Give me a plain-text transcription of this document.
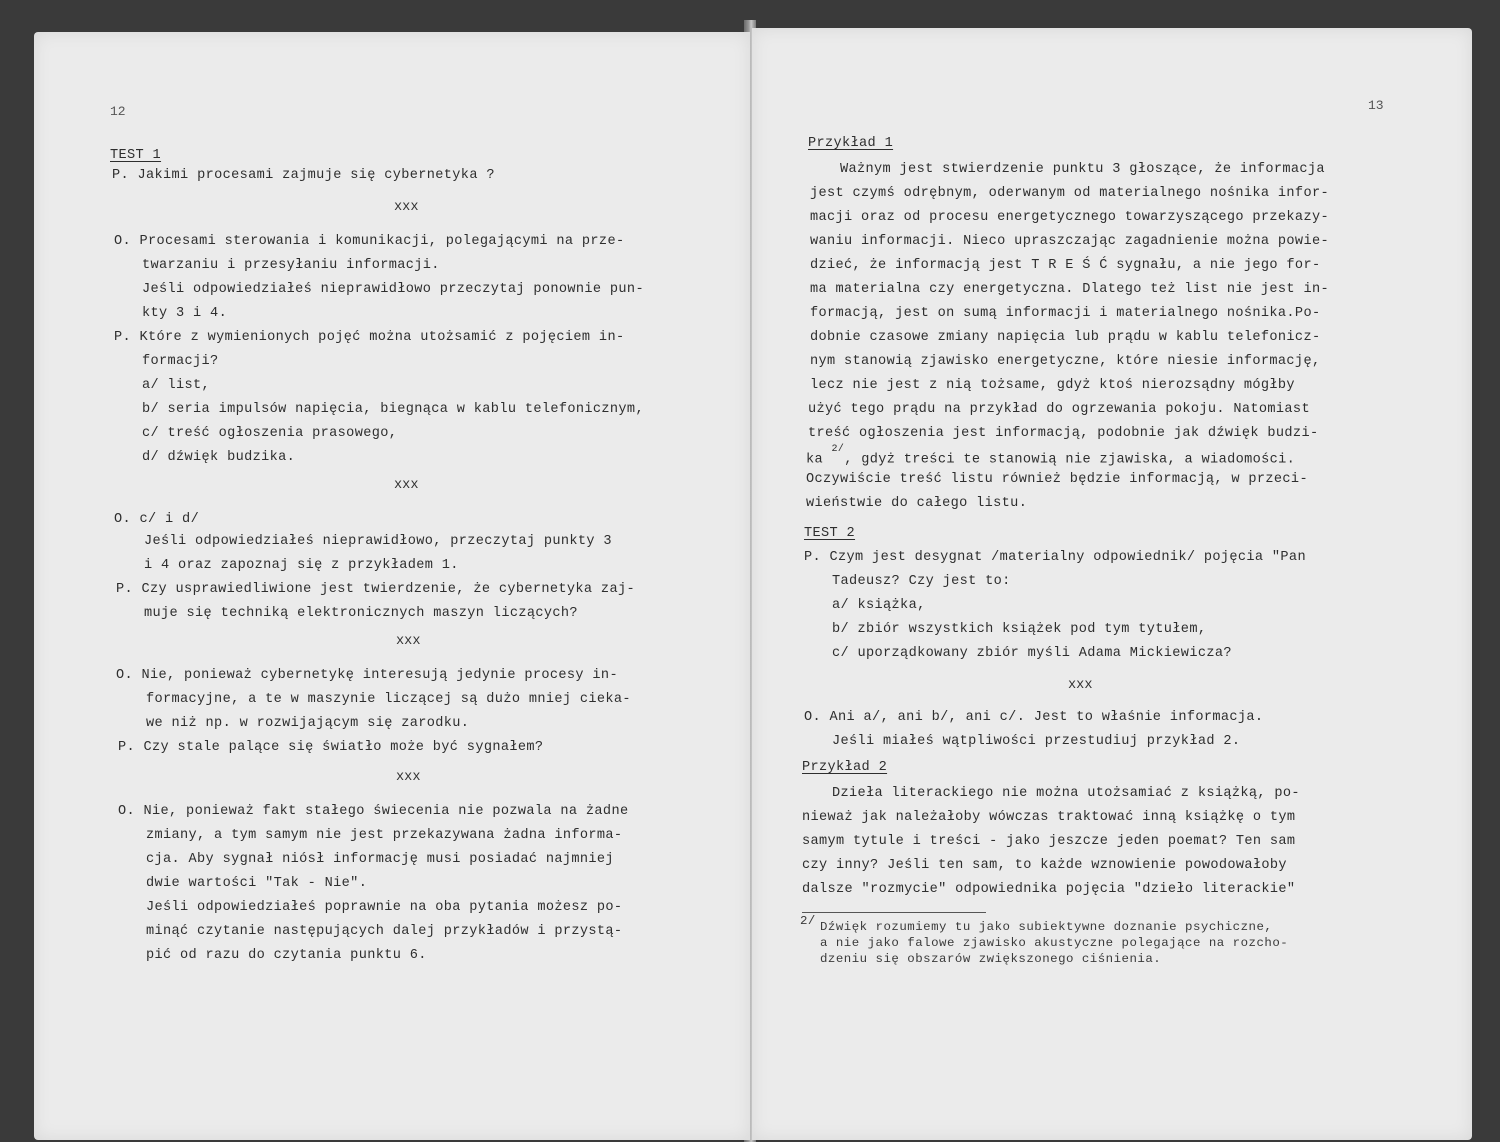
12
TEST 1
P. Jakimi procesami zajmuje się cybernetyka ?
xxx
O. Procesami sterowania i komunikacji, polegającymi na prze-
twarzaniu i przesyłaniu informacji.
Jeśli odpowiedziałeś nieprawidłowo przeczytaj ponownie pun-
kty 3 i 4.
P. Które z wymienionych pojęć można utożsamić z pojęciem in-
formacji?
a/ list,
b/ seria impulsów napięcia, biegnąca w kablu telefonicznym,
c/ treść ogłoszenia prasowego,
d/ dźwięk budzika.
xxx
O. c/ i d/
Jeśli odpowiedziałeś nieprawidłowo, przeczytaj punkty 3
i 4 oraz zapoznaj się z przykładem 1.
P. Czy usprawiedliwione jest twierdzenie, że cybernetyka zaj-
muje się techniką elektronicznych maszyn liczących?
xxx
O. Nie, ponieważ cybernetykę interesują jedynie procesy in-
formacyjne, a te w maszynie liczącej są dużo mniej cieka-
we niż np. w rozwijającym się zarodku.
P. Czy stale palące się światło może być sygnałem?
xxx
O. Nie, ponieważ fakt stałego świecenia nie pozwala na żadne
zmiany, a tym samym nie jest przekazywana żadna informa-
cja. Aby sygnał niósł informację musi posiadać najmniej
dwie wartości "Tak - Nie".
Jeśli odpowiedziałeś poprawnie na oba pytania możesz po-
minąć czytanie następujących dalej przykładów i przystą-
pić od razu do czytania punktu 6.
13
Przykład 1
Ważnym jest stwierdzenie punktu 3 głoszące, że informacja
jest czymś odrębnym, oderwanym od materialnego nośnika infor-
macji oraz od procesu energetycznego towarzyszącego przekazy-
waniu informacji. Nieco upraszczając zagadnienie można powie-
dzieć, że informacją jest T R E Ś Ć sygnału, a nie jego for-
ma materialna czy energetyczna. Dlatego też list nie jest in-
formacją, jest on sumą informacji i materialnego nośnika.Po-
dobnie czasowe zmiany napięcia lub prądu w kablu telefonicz-
nym stanowią zjawisko energetyczne, które niesie informację,
lecz nie jest z nią tożsame, gdyż ktoś nierozsądny mógłby
użyć tego prądu na przykład do ogrzewania pokoju. Natomiast
treść ogłoszenia jest informacją, podobnie jak dźwięk budzi-
ka $^{2/}$, gdyż treści te stanowią nie zjawiska, a wiadomości.
Oczywiście treść listu również będzie informacją, w przeci-
wieństwie do całego listu.
TEST 2
P. Czym jest desygnat /materialny odpowiednik/ pojęcia "Pan
Tadeusz? Czy jest to:
a/ książka,
b/ zbiór wszystkich książek pod tym tytułem,
c/ uporządkowany zbiór myśli Adama Mickiewicza?
xxx
O. Ani a/, ani b/, ani c/. Jest to właśnie informacja.
Jeśli miałeś wątpliwości przestudiuj przykład 2.
Przykład 2
Dzieła literackiego nie można utożsamiać z książką, po-
nieważ jak należałoby wówczas traktować inną książkę o tym
samym tytule i treści - jako jeszcze jeden poemat? Ten sam
czy inny? Jeśli ten sam, to każde wznowienie powodowałoby
dalsze "rozmycie" odpowiednika pojęcia "dzieło literackie"
2/ Dźwięk rozumiemy tu jako subiektywne doznanie psychiczne,
a nie jako falowe zjawisko akustyczne polegające na rozcho-
dzeniu się obszarów zwiększonego ciśnienia.
